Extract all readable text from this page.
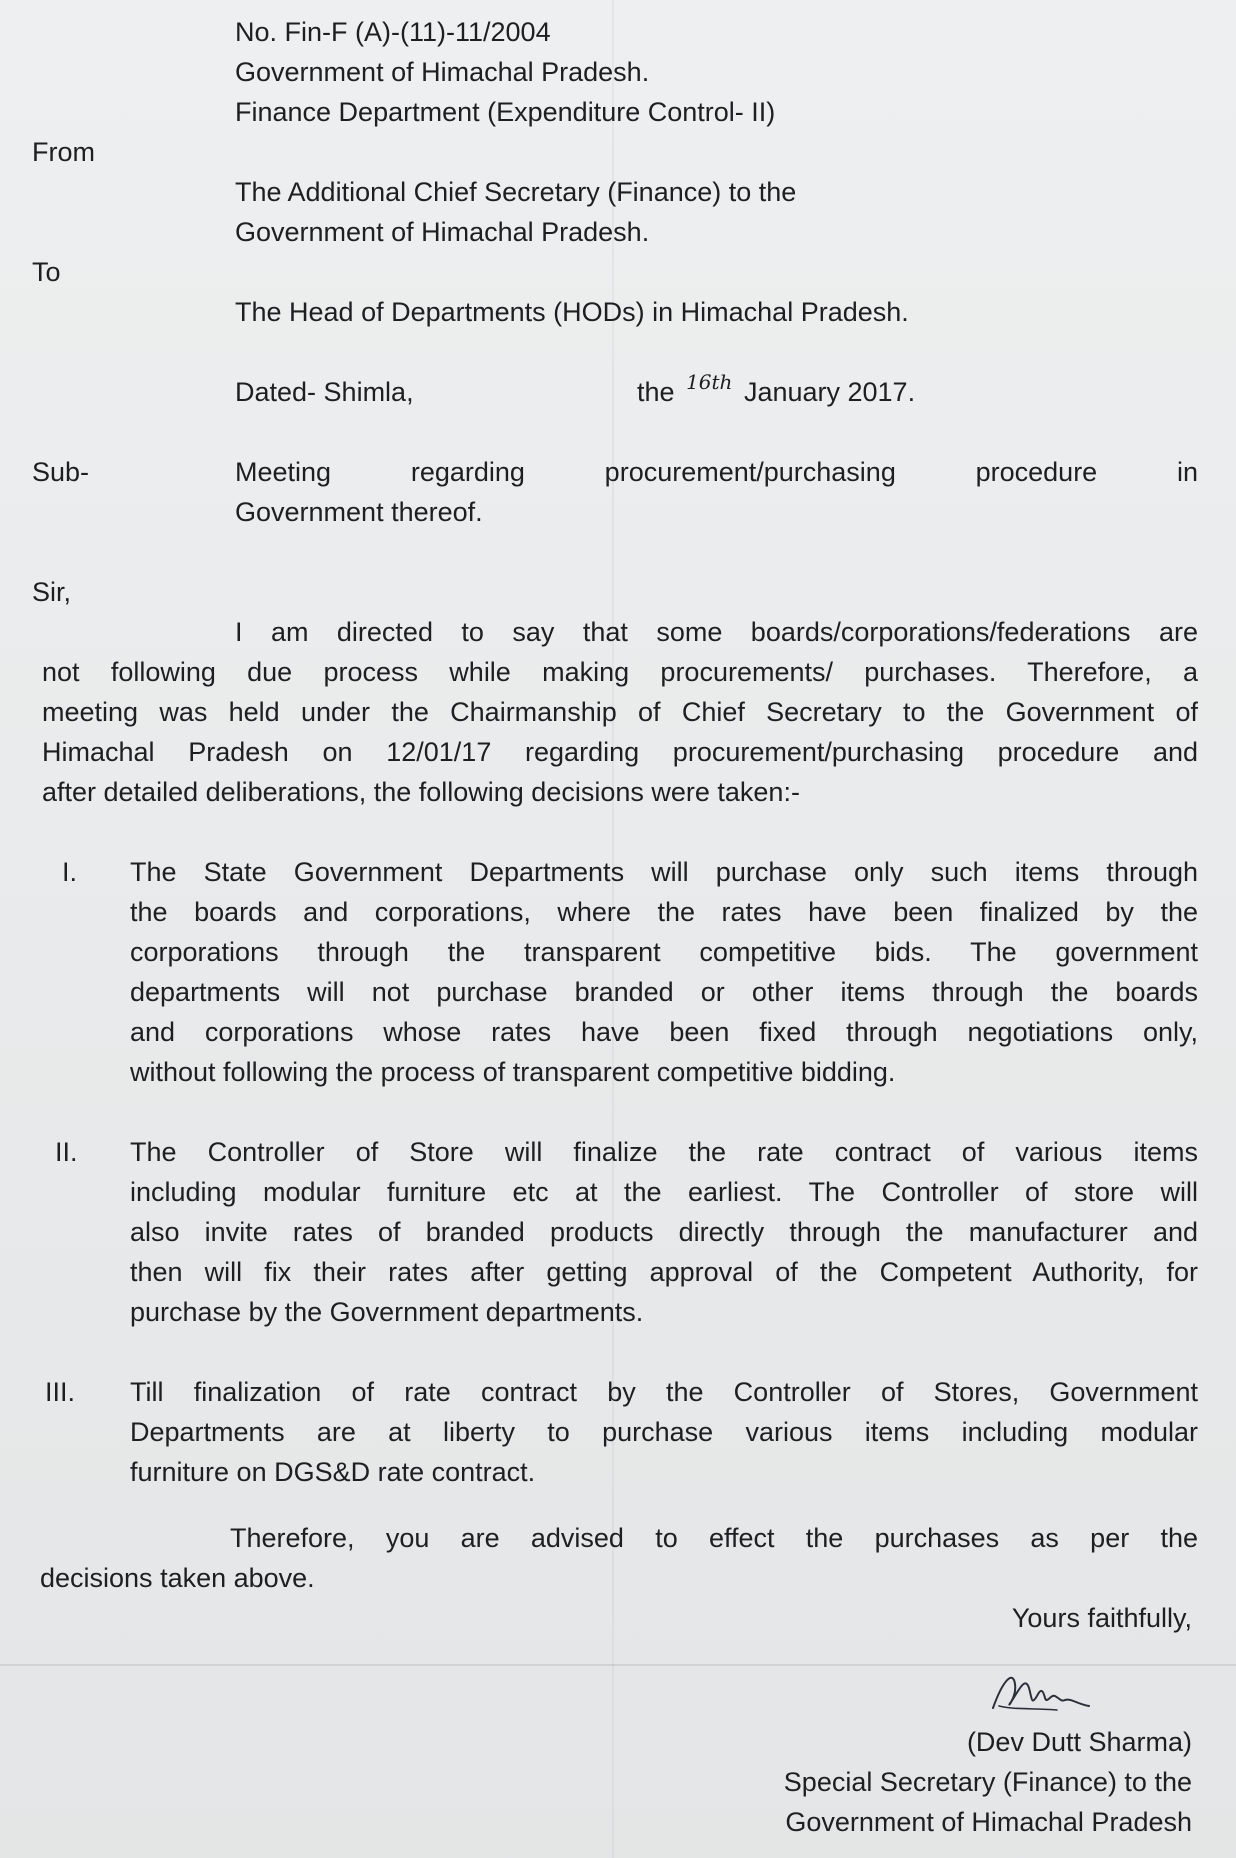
No. Fin-F (A)-(11)-11/2004
Government of Himachal Pradesh.
Finance Department (Expenditure Control- II)
From
The Additional Chief Secretary (Finance) to the
Government of Himachal Pradesh.
To
The Head of Departments (HODs) in Himachal Pradesh.
Dated- Shimla,	the $^{16th}$ January 2017.
Sub-	Meeting regarding procurement/purchasing procedure in
Government thereof.
Sir,
I am directed to say that some boards/corporations/federations are
not following due process while making procurements/ purchases. Therefore, a
meeting was held under the Chairmanship of Chief Secretary to the Government of
Himachal Pradesh on 12/01/17 regarding procurement/purchasing procedure and
after detailed deliberations, the following decisions were taken:-
I. The State Government Departments will purchase only such items through
the boards and corporations, where the rates have been finalized by the
corporations through the transparent competitive bids. The government
departments will not purchase branded or other items through the boards
and corporations whose rates have been fixed through negotiations only,
without following the process of transparent competitive bidding.
II. The Controller of Store will finalize the rate contract of various items
including modular furniture etc at the earliest. The Controller of store will
also invite rates of branded products directly through the manufacturer and
then will fix their rates after getting approval of the Competent Authority, for
purchase by the Government departments.
III. Till finalization of rate contract by the Controller of Stores, Government
Departments are at liberty to purchase various items including modular
furniture on DGS&D rate contract.
Therefore, you are advised to effect the purchases as per the
decisions taken above.
Yours faithfully,
(Dev Dutt Sharma)
Special Secretary (Finance) to the
Government of Himachal Pradesh
